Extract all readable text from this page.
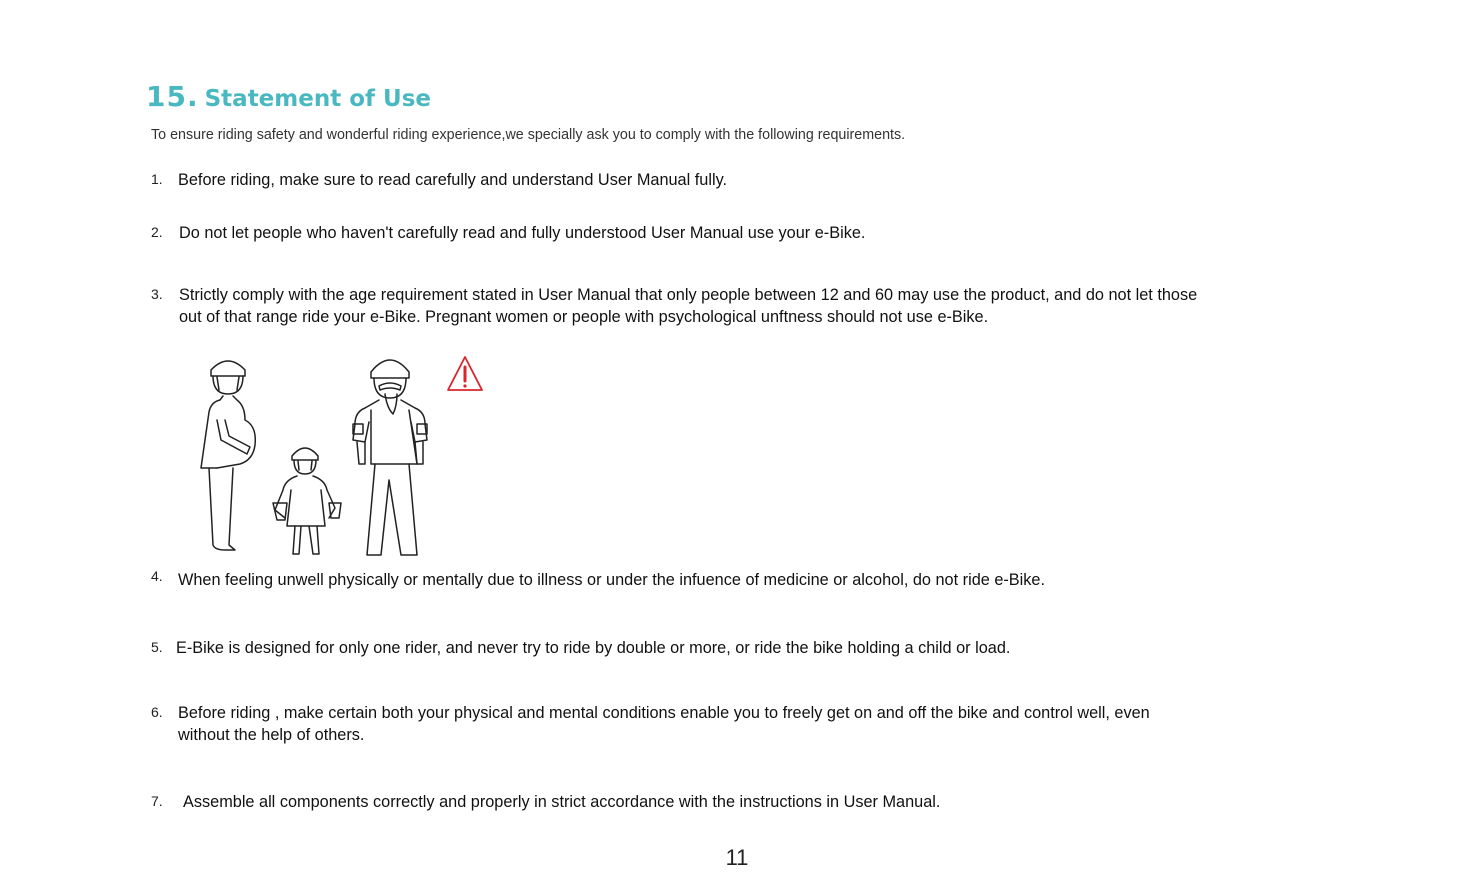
15. Statement of Use
To ensure riding safety and wonderful riding experience,we specially ask you to comply with the following requirements.
1. Before riding, make sure to read carefully and understand User Manual fully.
2. Do not let people who haven't carefully read and fully understood User Manual use your e-Bike.
3. Strictly comply with the age requirement stated in User Manual that only people between 12 and 60 may use the product, and do not let those
out of that range ride your e-Bike. Pregnant women or people with psychological unftness should not use e-Bike.
4. When feeling unwell physically or mentally due to illness or under the infuence of medicine or alcohol, do not ride e-Bike.
5. E-Bike is designed for only one rider, and never try to ride by double or more, or ride the bike holding a child or load.
6. Before riding , make certain both your physical and mental conditions enable you to freely get on and off the bike and control well, even
without the help of others.
7. Assemble all components correctly and properly in strict accordance with the instructions in User Manual.
11
